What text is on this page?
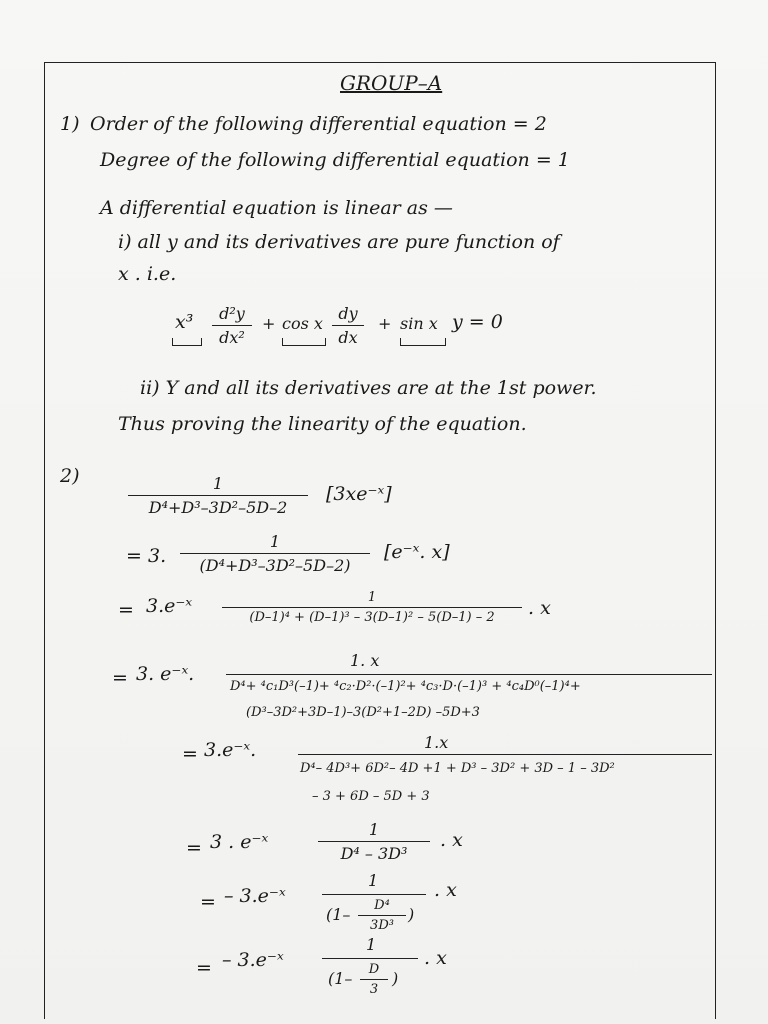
GROUP–A
1) Order of the following differential equation = 2
Degree of the following differential equation = 1
A differential equation is linear as —
i) all y and its derivatives are pure function of
x . i.e.
x³	d²y
dx²
+ cos x
dy
dx
+ sin x y = 0
ii) Y and all its derivatives are at the 1st power.
Thus proving the linearity of the equation.
2)	1
D⁴+D³–3D²–5D–2
[3xe⁻ˣ]
= 3.
1
(D⁴+D³–3D²–5D–2)
[e⁻ˣ. x]
= 3.e⁻ˣ	1
(D–1)⁴ + (D–1)³ – 3(D–1)² – 5(D–1) – 2	. x
= 3. e⁻ˣ.
1. x
D⁴+ ⁴c₁D³(–1)+ ⁴c₂·D²·(–1)²+ ⁴c₃·D·(–1)³ + ⁴c₄D⁰(–1)⁴+
(D³–3D²+3D–1)–3(D²+1–2D) –5D+3
= 3.e⁻ˣ.	1.x
D⁴– 4D³+ 6D²– 4D +1 + D³ – 3D² + 3D – 1 – 3D²
– 3 + 6D – 5D + 3
= 3 . e⁻ˣ
1
D⁴ – 3D³
. x
= – 3.e⁻ˣ
1
(1–	D⁴
3D³
)
. x
= – 3.e⁻ˣ
1
(1–	D
3
)
. x
